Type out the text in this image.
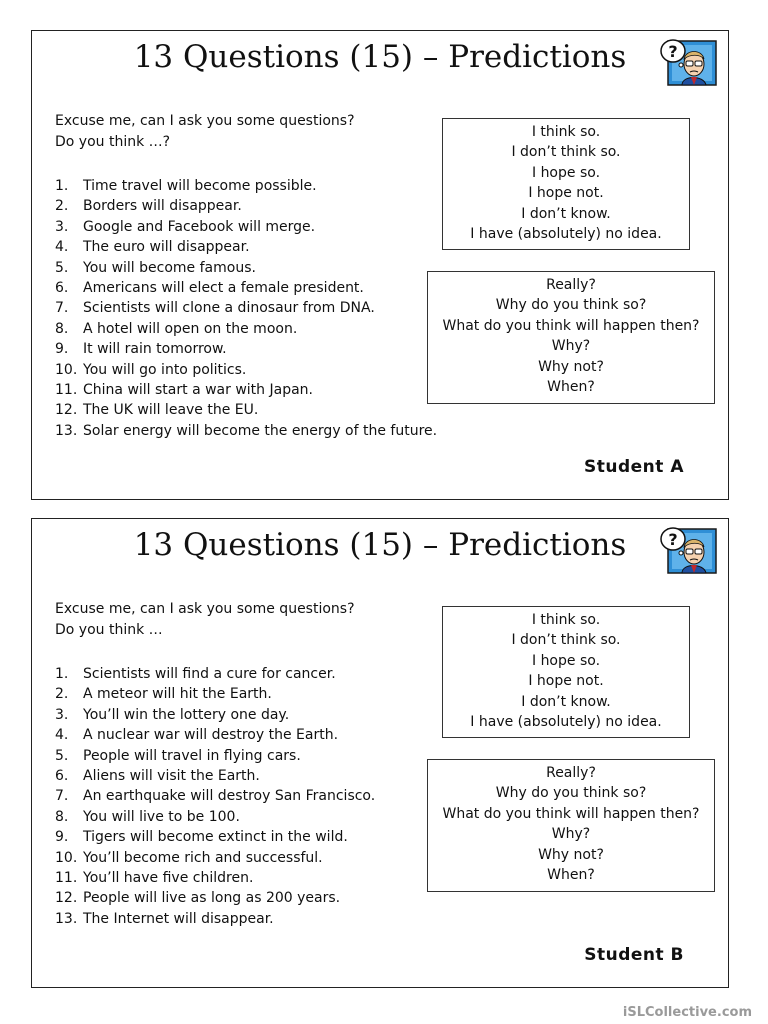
13 Questions (15) – Predictions	?
Excuse me, can I ask you some questions?
Do you think …?
1.	Time travel will become possible.
2.	Borders will disappear.
3.	Google and Facebook will merge.
4.	The euro will disappear.
5.	You will become famous.
6.	Americans will elect a female president.
7.	Scientists will clone a dinosaur from DNA.
8.	A hotel will open on the moon.
9.	It will rain tomorrow.
10. You will go into politics.
11. China will start a war with Japan.
12. The UK will leave the EU.
13. Solar energy will become the energy of the future.
I think so.
I don’t think so.
I hope so.
I hope not.
I don’t know.
I have (absolutely) no idea.
Really?
Why do you think so?
What do you think will happen then?
Why?
Why not?
When?
Student A
13 Questions (15) – Predictions	?
Excuse me, can I ask you some questions?
Do you think …
1.	Scientists will find a cure for cancer.
2.	A meteor will hit the Earth.
3.	You’ll win the lottery one day.
4.	A nuclear war will destroy the Earth.
5.	People will travel in flying cars.
6.	Aliens will visit the Earth.
7.	An earthquake will destroy San Francisco.
8.	You will live to be 100.
9.	Tigers will become extinct in the wild.
10. You’ll become rich and successful.
11. You’ll have five children.
12. People will live as long as 200 years.
13. The Internet will disappear.
I think so.
I don’t think so.
I hope so.
I hope not.
I don’t know.
I have (absolutely) no idea.
Really?
Why do you think so?
What do you think will happen then?
Why?
Why not?
When?
Student B
iSLCollective.com
